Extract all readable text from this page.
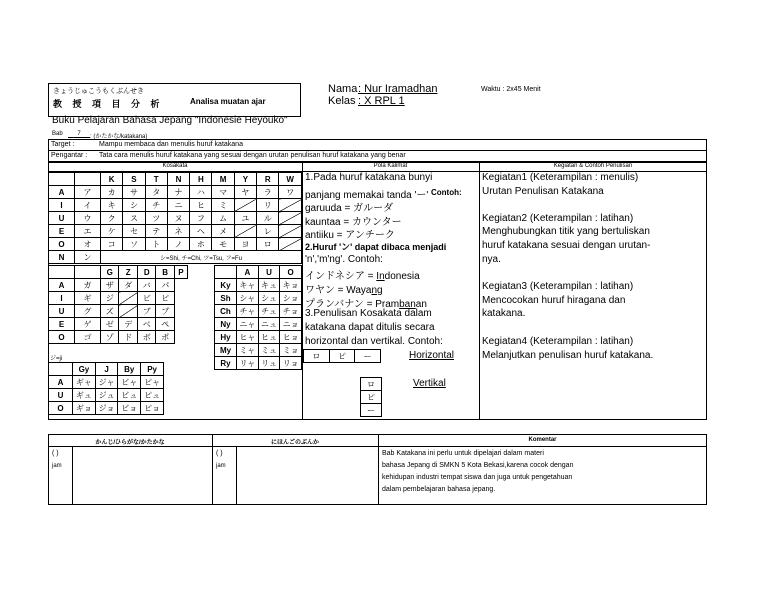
きょうじゅこうもくぶんせき
教 授 項 目 分 析	Analisa muatan ajar
Nama : Nur Iramadhan
Kelas : X RPL 1
Waktu : 2x45 Menit
Buku Pelajaran Bahasa Jepang "Indonesie Heyouko"
Bab	7	: (かたかな/katakana)
Target :	Mampu membaca dan menulis huruf katakana
Pengantar : Tata cara menulis huruf katakana yang sesuai dengan urutan penulisan huruf katakana yang benar
Kosakata	Pola Kalimat	Kegiatan & Contoh Penulisan
		K	S	T	N	H	M	Y	R	W
A	ア	カ	サ	タ	ナ	ハ	マ	ヤ	ラ	ワ
I	イ	キ	シ	チ	ニ	ヒ	ミ		リ	
U	ウ	ク	ス	ツ	ヌ	フ	ム	ユ	ル	
E	エ	ケ	セ	テ	ネ	ヘ	メ		レ	
O	オ	コ	ソ	ト	ノ	ホ	モ	ヨ	ロ	
N	ン	シ=Shi, チ=Chi, ツ=Tsu, フ=Fu								
		G	Z	D	B	P
A	ガ	ザ	ダ	バ	パ	
I	ギ	ジ		ビ	ピ	
U	グ	ズ		ブ	プ	
E	ゲ	ゼ	デ	ベ	ペ	
O	ゴ	ゾ	ド	ボ	ポ	
ジ=ji
	A	U	O
Ky	キャ	キュ	キョ
Sh	シャ	シュ	ショ
Ch	チャ	チュ	チョ
Ny	ニャ	ニュ	ニョ
Hy	ヒャ	ヒュ	ヒョ
My	ミャ	ミュ	ミョ
Ry	リャ	リュ	リョ
	Gy	J	By	Py
A	ギャ	ジャ	ビャ	ピャ
U	ギュ	ジュ	ビュ	ピュ
O	ギョ	ジョ	ビョ	ピョ
1.Pada huruf katakana bunyi
panjang memakai tanda 'ー' Contoh:
garuuda = ガルーダ
kauntaa = カウンター
antiiku = アンチーク
2.Huruf 'ン' dapat dibaca menjadi
'n','m'ng'. Contoh:
インドネシア = Indonesia
ワヤン = Wayang
プランバナン = Prambanan
3.Penulisan Kosakata dalam
katakana dapat ditulis secara
horizontal dan vertikal. Contoh:
ロ	ピ	ー	Horizontal
ロ
ピ
ー
Vertikal
Kegiatan1 (Keterampilan : menulis)
Urutan Penulisan Katakana
Kegiatan2 (Keterampilan : latihan)
Menghubungkan titik yang bertuliskan
huruf katakana sesuai dengan urutan-
nya.
Kegiatan3 (Keterampilan : latihan)
Mencocokan huruf hiragana dan
katakana.
Kegiatan4 (Keterampilan : latihan)
Melanjutkan penulisan huruf katakana.
かんじ/ひらがな/かたかな	にほんごのぶんか	Komentar
( )
jam
( )
jam
Bab Katakana ini perlu untuk dipelajari dalam materi
bahasa Jepang di SMKN 5 Kota Bekasi,karena cocok dengan
kehidupan industri tempat siswa dan juga untuk pengetahuan
dalam pembelajaran bahasa jepang.
